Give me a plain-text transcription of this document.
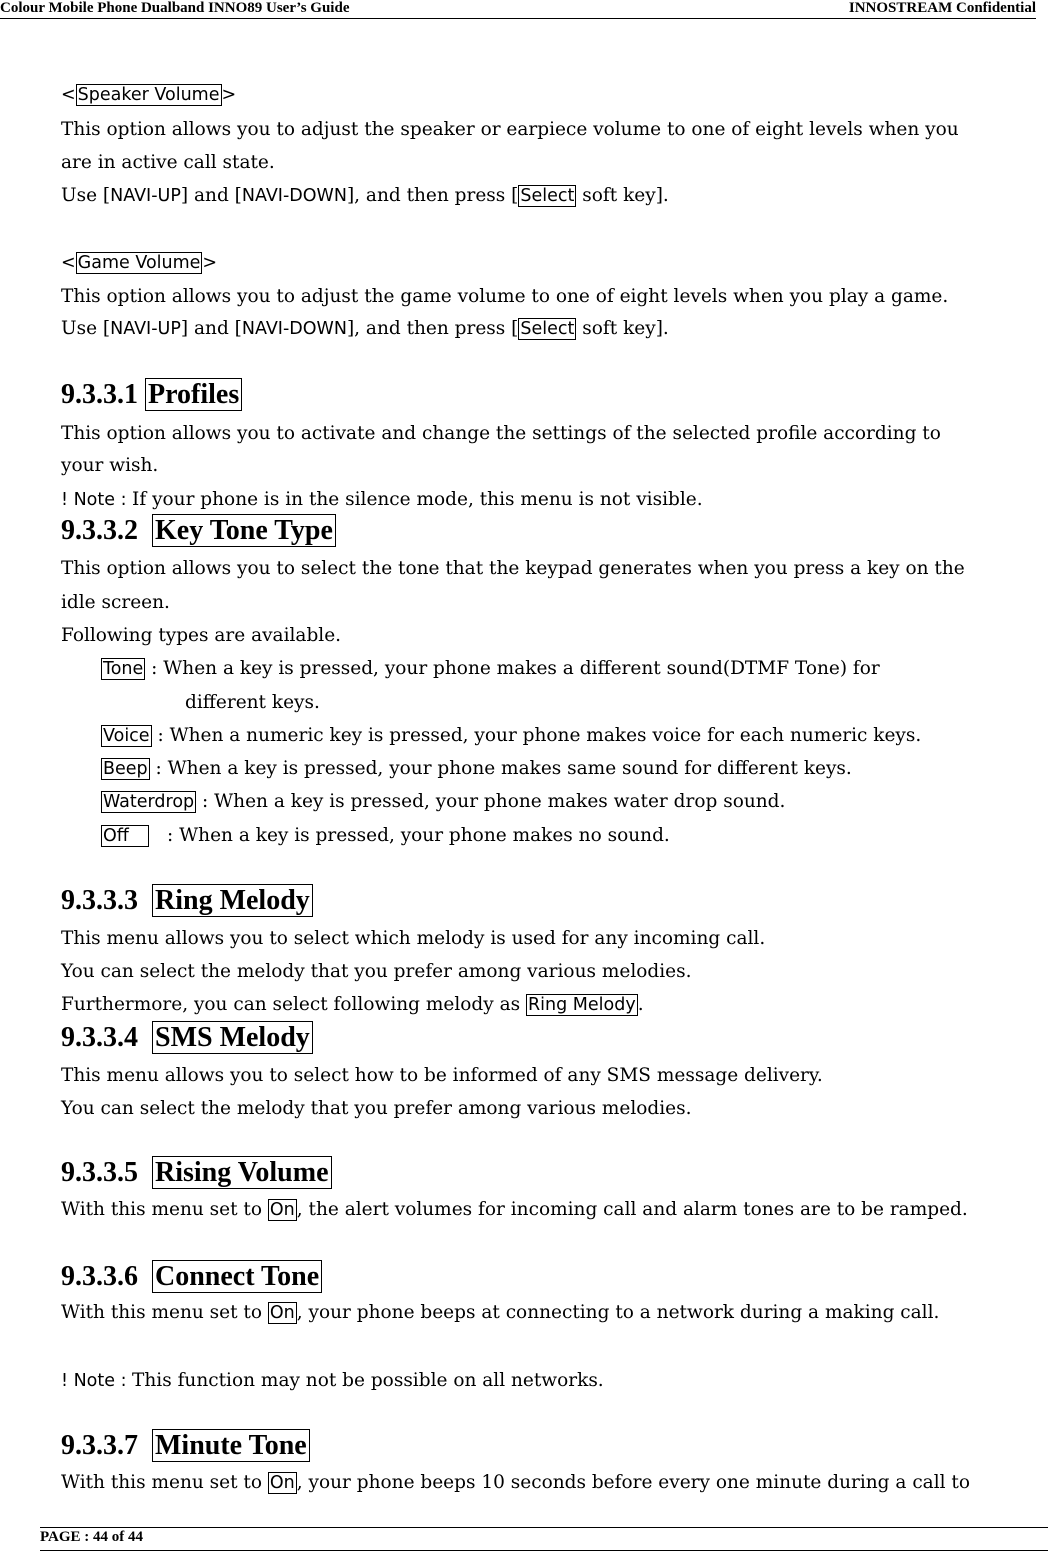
Colour Mobile Phone Dualband INNO89 User’s Guide	INNOSTREAM Confidential
< Speaker Volume >
This option allows you to adjust the speaker or earpiece volume to one of eight levels when you
are in active call state.
Use [NAVI-UP] and [NAVI-DOWN], and then press [ Select soft key].
< Game Volume >
This option allows you to adjust the game volume to one of eight levels when you play a game.
Use [NAVI-UP] and [NAVI-DOWN], and then press [ Select soft key].
9.3.3.1 Profiles
This option allows you to activate and change the settings of the selected profile according to
your wish.
! Note : If your phone is in the silence mode, this menu is not visible.
9.3.3.2 Key Tone Type
This option allows you to select the tone that the keypad generates when you press a key on the
idle screen.
Following types are available.
Tone : When a key is pressed, your phone makes a different sound(DTMF Tone) for
different keys.
Voice : When a numeric key is pressed, your phone makes voice for each numeric keys.
Beep : When a key is pressed, your phone makes same sound for different keys.
Waterdrop : When a key is pressed, your phone makes water drop sound.
Off    : When a key is pressed, your phone makes no sound.
9.3.3.3 Ring Melody
This menu allows you to select which melody is used for any incoming call.
You can select the melody that you prefer among various melodies.
Furthermore, you can select following melody as Ring Melody .
9.3.3.4 SMS Melody
This menu allows you to select how to be informed of any SMS message delivery.
You can select the melody that you prefer among various melodies.
9.3.3.5 Rising Volume
With this menu set to On , the alert volumes for incoming call and alarm tones are to be ramped.
9.3.3.6 Connect Tone
With this menu set to On , your phone beeps at connecting to a network during a making call.
! Note : This function may not be possible on all networks.
9.3.3.7 Minute Tone
With this menu set to On , your phone beeps 10 seconds before every one minute during a call to
PAGE : 44 of 44
